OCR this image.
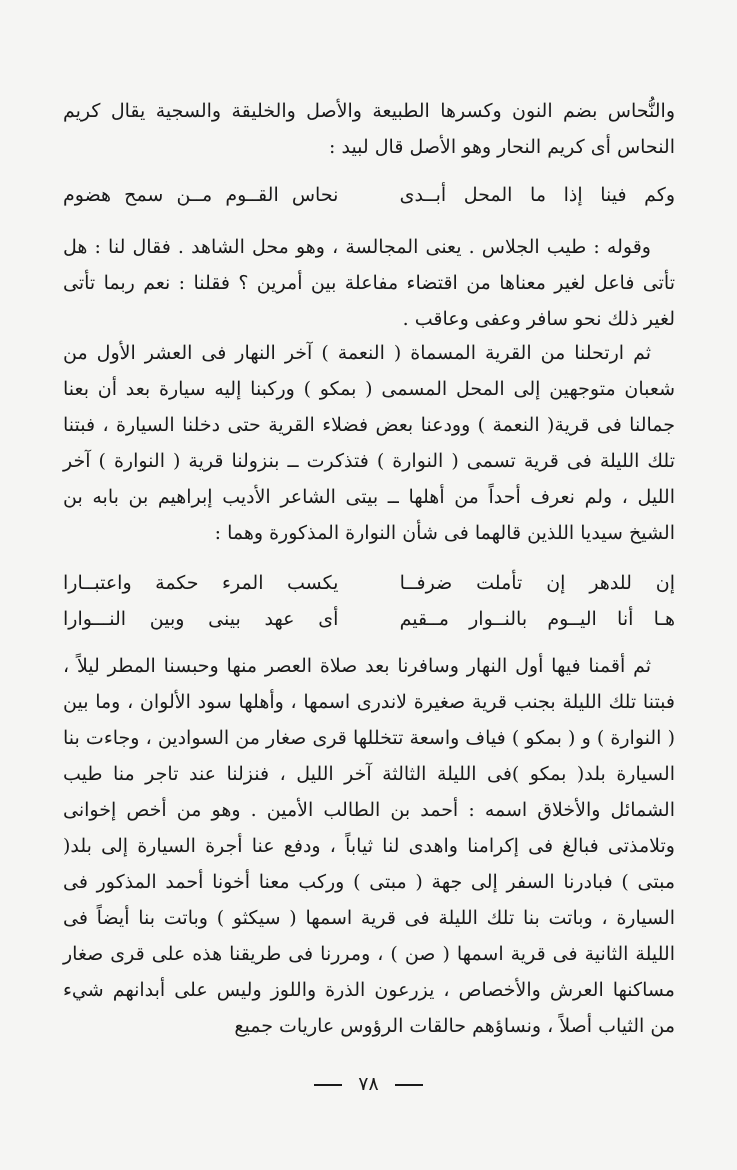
والنُّحاس بضم النون وكسرها الطبيعة والأصل والخليقة والسجية يقال كريم النحاس أى كريم النحار وهو الأصل قال لبيد :

وكم فينا إذا ما المحل أبــدى
نحاس القــوم مــن سمح هضوم

وقوله : طيب الجلاس . يعنى المجالسة ، وهو محل الشاهد . فقال لنا : هل تأتى فاعل لغير معناها من اقتضاء مفاعلة بين أمرين ؟ فقلنا : نعم ربما تأتى لغير ذلك نحو سافر وعفى وعاقب .

ثم ارتحلنا من القرية المسماة ( النعمة ) آخر النهار فى العشر الأول من شعبان متوجهين إلى المحل المسمى ( بمكو ) وركبنا إليه سيارة بعد أن بعنا جمالنا فى قرية( النعمة ) وودعنا بعض فضلاء القرية حتى دخلنا السيارة ، فبتنا تلك الليلة فى قرية تسمى ( النوارة ) فتذكرت ــ بنزولنا قرية ( النوارة ) آخر الليل ، ولم نعرف أحداً من أهلها ــ بيتى الشاعر الأديب إبراهيم بن بابه بن الشيخ سيديا اللذين قالهما فى شأن النوارة المذكورة وهما :

إن للدهر إن تأملت ضرفــا
يكسب المرء حكمة واعتبــارا
هـا أنا اليــوم بالنــوار مــقيم
أى عهد بينى وبين النـــوارا

ثم أقمنا فيها أول النهار وسافرنا بعد صلاة العصر منها وحبسنا المطر ليلاً ، فبتنا تلك الليلة بجنب قرية صغيرة لاندرى اسمها ، وأهلها سود الألوان ، وما بين ( النوارة ) و ( بمكو ) فياف واسعة تتخللها قرى صغار من السوادين ، وجاءت بنا السيارة بلد( بمكو )فى الليلة الثالثة آخر الليل ، فنزلنا عند تاجر منا طيب الشمائل والأخلاق اسمه : أحمد بن الطالب الأمين . وهو من أخص إخوانى وتلامذتى فبالغ فى إكرامنا واهدى لنا ثياباً ، ودفع عنا أجرة السيارة إلى بلد( مبتى ) فبادرنا السفر إلى جهة ( مبتى ) وركب معنا أخونا أحمد المذكور فى السيارة ، وباتت بنا تلك الليلة فى قرية اسمها ( سيكثو ) وباتت بنا أيضاً فى الليلة الثانية فى قرية اسمها ( صن ) ، ومررنا فى طريقنا هذه على قرى صغار مساكنها العرش والأخصاص ، يزرعون الذرة واللوز وليس على أبدانهم شيء من الثياب أصلاً ، ونساؤهم حالقات الرؤوس عاريات جميع

٧٨
